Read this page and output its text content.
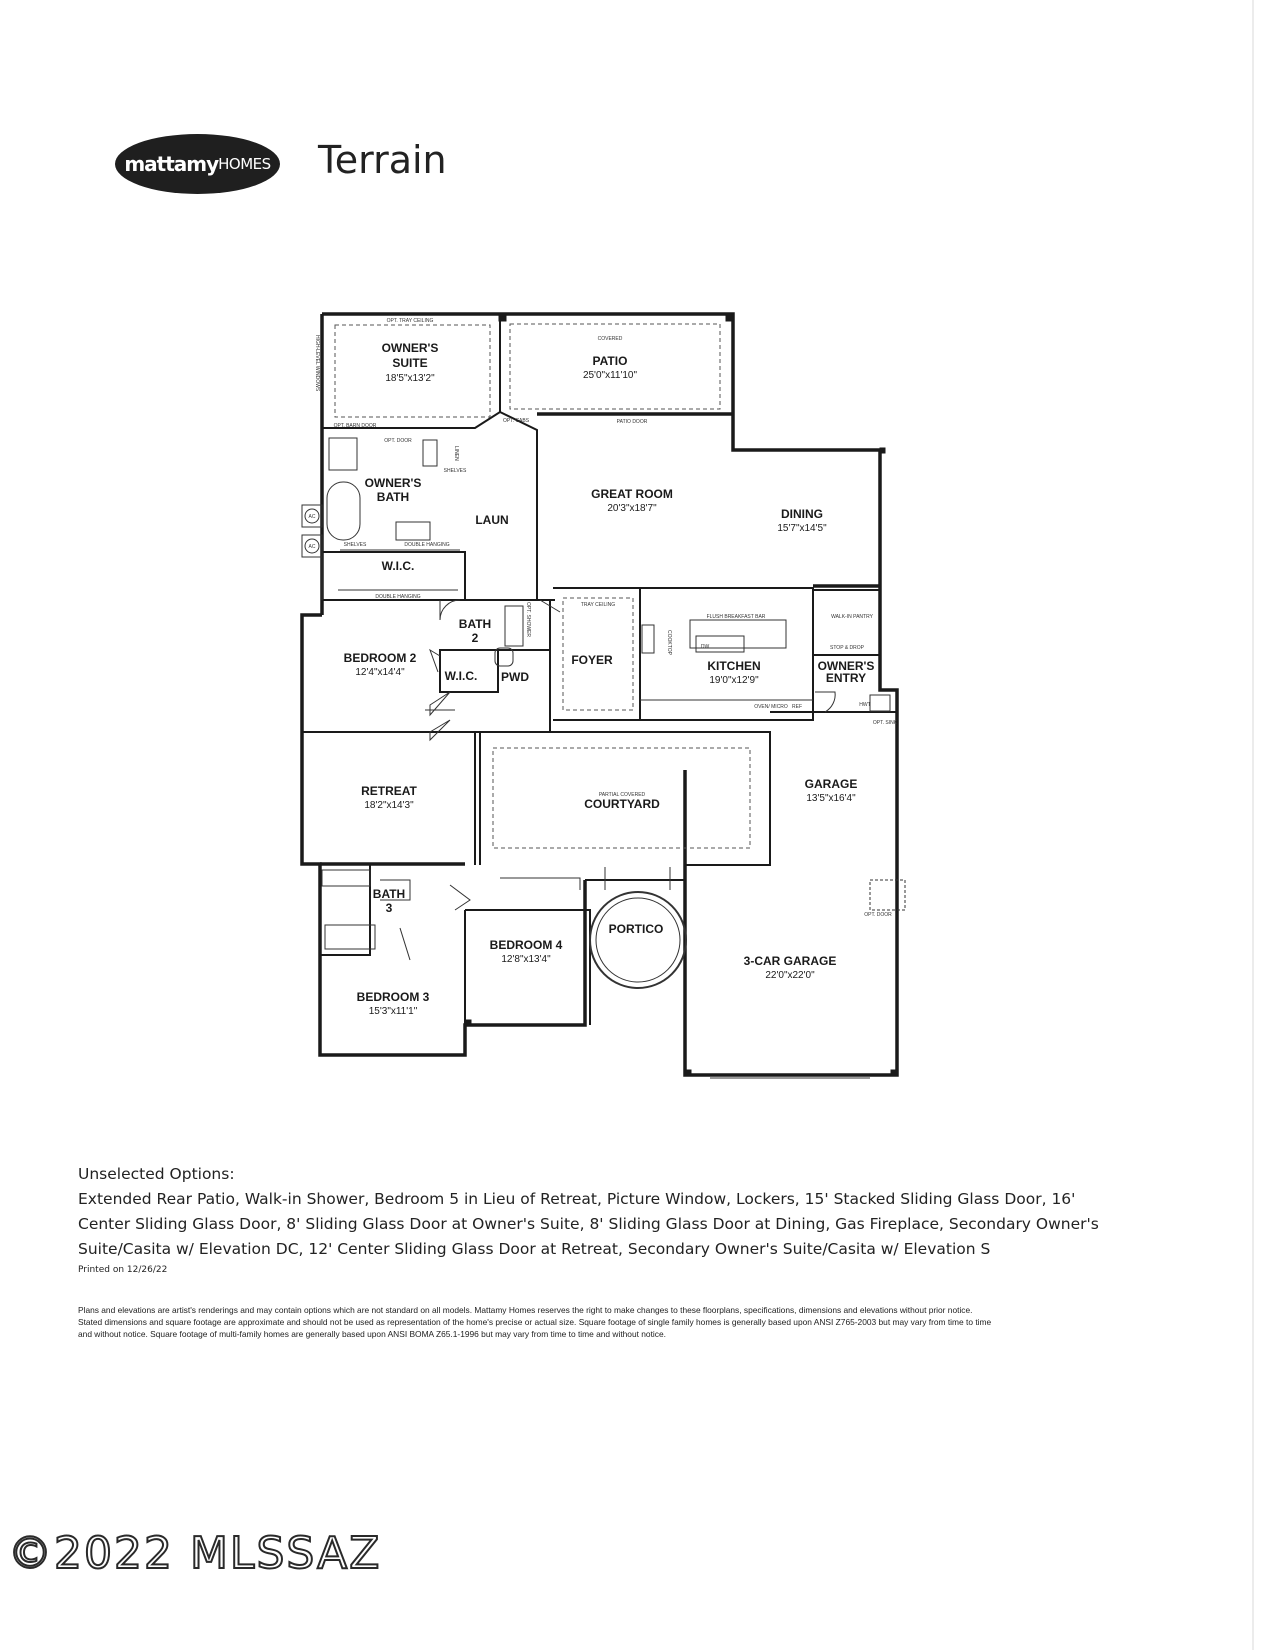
mattamy HOMES Terrain
OWNER'S
SUITE
18'5"x13'2"
COVERED
PATIO
25'0"x11'10"
OWNER'S
BATH
LAUN
GREAT ROOM
20'3"x18'7"	DINING
15'7"x14'5"
W.I.C.
BEDROOM 2
12'4"x14'4"
BATH
2
W.I.C. PWD
FOYER	KITCHEN
19'0"x12'9"
OWNER'S
ENTRY
RETREAT
18'2"x14'3"
PARTIAL COVERED
COURTYARD
GARAGE
13'5"x16'4"
BATH
3
PORTICO
BEDROOM 4
12'8"x13'4"	3-CAR GARAGE
22'0"x22'0"
BEDROOM 3
15'3"x11'1"
OPT. TRAY CEILING
HIGH-LEVEL WINDOWS
OPT. BARN DOOR
OPT. DOOR
LINEN
SHELVES
SHELVES	DOUBLE HANGING
DOUBLE HANGING
OPT. CABS	PATIO DOOR
TRAY CEILING
FLUSH BREAKFAST BAR	WALK-IN PANTRY
STOP & DROP
COOKTOP	DW
OVEN/ MICRO REF	HWT
OPT. SINK
OPT. SHOWER
AC
AC
OPT. DOOR
Unselected Options:
Extended Rear Patio, Walk-in Shower, Bedroom 5 in Lieu of Retreat, Picture Window, Lockers, 15' Stacked Sliding Glass Door, 16'
Center Sliding Glass Door, 8' Sliding Glass Door at Owner's Suite, 8' Sliding Glass Door at Dining, Gas Fireplace, Secondary Owner's
Suite/Casita w/ Elevation DC, 12' Center Sliding Glass Door at Retreat, Secondary Owner's Suite/Casita w/ Elevation S
Printed on 12/26/22
Plans and elevations are artist's renderings and may contain options which are not standard on all models. Mattamy Homes reserves the right to make changes to these floorplans, specifications, dimensions and elevations without prior notice.
Stated dimensions and square footage are approximate and should not be used as representation of the home's precise or actual size. Square footage of single family homes is generally based upon ANSI Z765-2003 but may vary from time to time
and without notice. Square footage of multi-family homes are generally based upon ANSI BOMA Z65.1-1996 but may vary from time to time and without notice.
©2022 MLSSAZ
